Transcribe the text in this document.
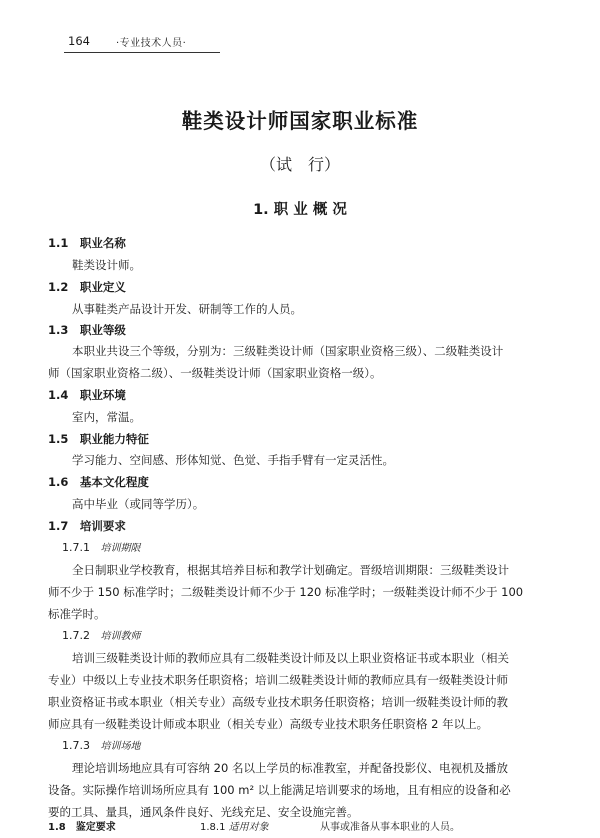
164	·专业技术人员·
鞋类设计师国家职业标准
（试　行）
1. 职 业 概 况
1.1　职业名称
鞋类设计师。
1.2　职业定义
从事鞋类产品设计开发、研制等工作的人员。
1.3　职业等级
本职业共设三个等级，分别为：三级鞋类设计师（国家职业资格三级）、二级鞋类设计
师（国家职业资格二级）、一级鞋类设计师（国家职业资格一级）。
1.4　职业环境
室内，常温。
1.5　职业能力特征
学习能力、空间感、形体知觉、色觉、手指手臂有一定灵活性。
1.6　基本文化程度
高中毕业（或同等学历）。
1.7　培训要求
1.7.1 培训期限
全日制职业学校教育，根据其培养目标和教学计划确定。晋级培训期限：三级鞋类设计
师不少于 150 标准学时；二级鞋类设计师不少于 120 标准学时；一级鞋类设计师不少于 100
标准学时。
1.7.2 培训教师
培训三级鞋类设计师的教师应具有二级鞋类设计师及以上职业资格证书或本职业（相关
专业）中级以上专业技术职务任职资格；培训二级鞋类设计师的教师应具有一级鞋类设计师
职业资格证书或本职业（相关专业）高级专业技术职务任职资格；培训一级鞋类设计师的教
师应具有一级鞋类设计师或本职业（相关专业）高级专业技术职务任职资格 2 年以上。
1.7.3 培训场地
理论培训场地应具有可容纳 20 名以上学员的标准教室，并配备投影仪、电视机及播放
设备。实际操作培训场所应具有 100 m² 以上能满足培训要求的场地，且有相应的设备和必
要的工具、量具，通风条件良好、光线充足、安全设施完善。
1.8　鉴定要求	1.8.1 适用对象	从事或准备从事本职业的人员。
